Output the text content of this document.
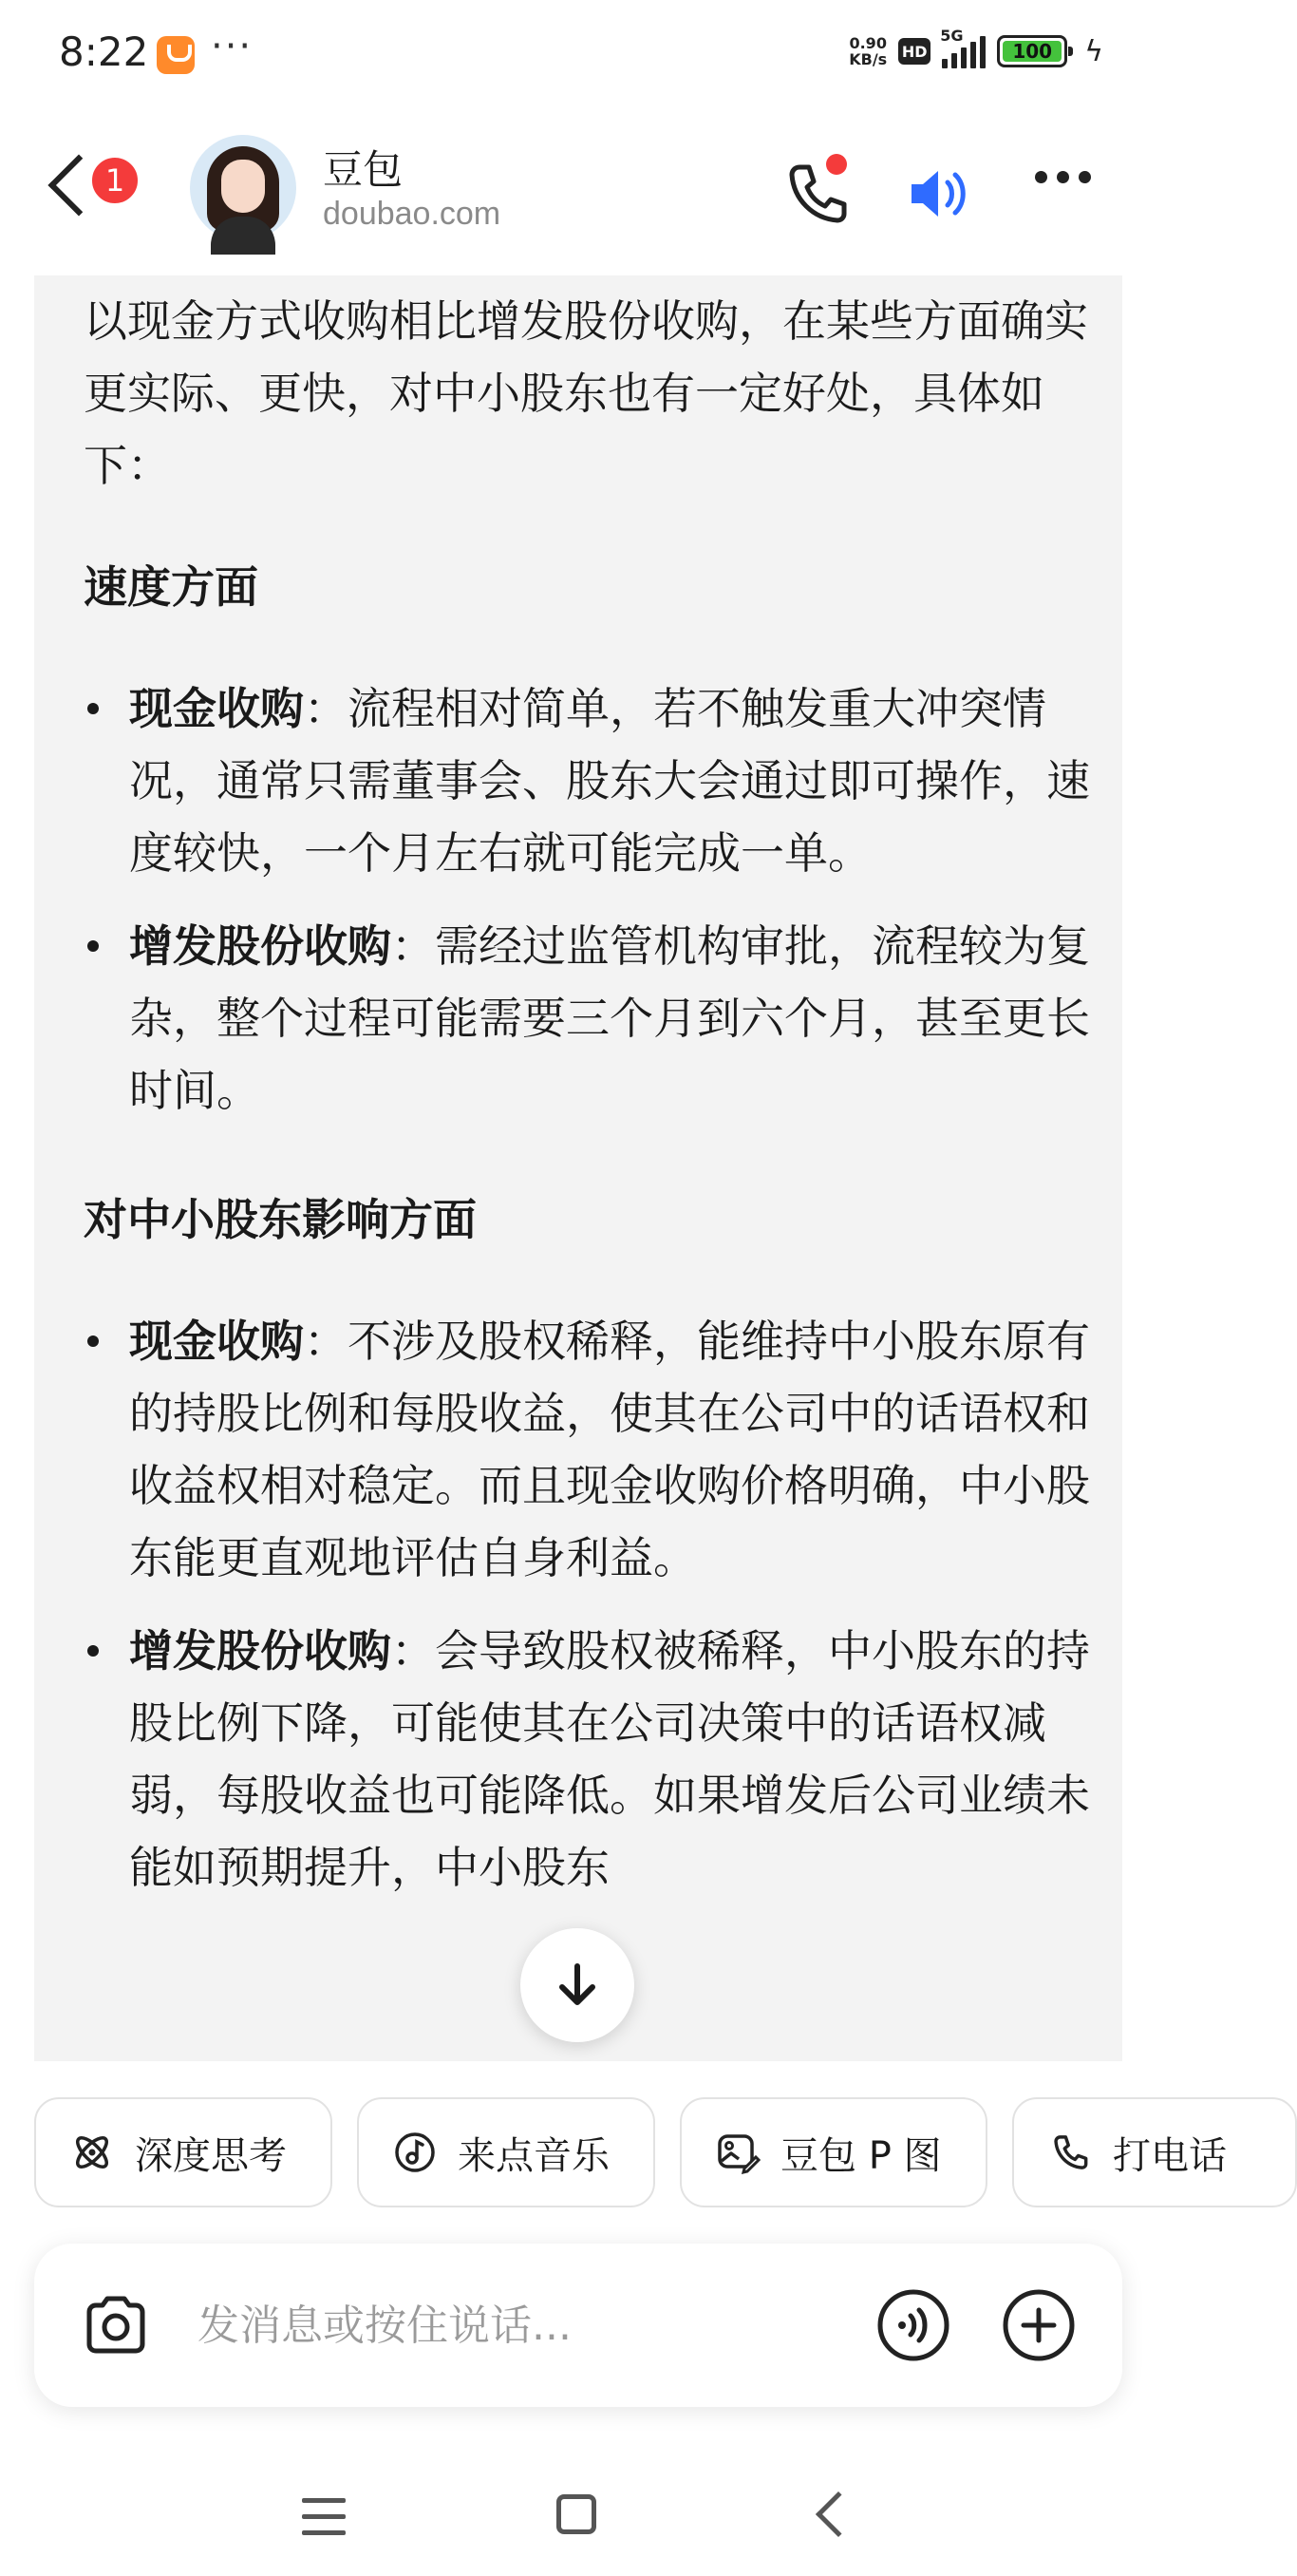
8:22 ···	0.90
KB/s HD
5G
100	ϟ
1	豆包
doubao.com

以现金方式收购相比增发股份收购，在某些方面确实更实际、更快，对中小股东也有一定好处，具体如下：

速度方面
现金收购：流程相对简单，若不触发重大冲突情况，通常只需董事会、股东大会通过即可操作，速度较快，一个月左右就可能完成一单。
增发股份收购：需经过监管机构审批，流程较为复杂，整个过程可能需要三个月到六个月，甚至更长时间。
对中小股东影响方面
现金收购：不涉及股权稀释，能维持中小股东原有的持股比例和每股收益，使其在公司中的话语权和收益权相对稳定。而且现金收购价格明确，中小股东能更直观地评估自身利益。
增发股份收购：会导致股权被稀释，中小股东的持股比例下降，可能使其在公司决策中的话语权减弱，每股收益也可能降低。如果增发后公司业绩未能如预期提升，中小股东
深度思考	来点音乐	豆包 P 图	打电话
发消息或按住说话...
